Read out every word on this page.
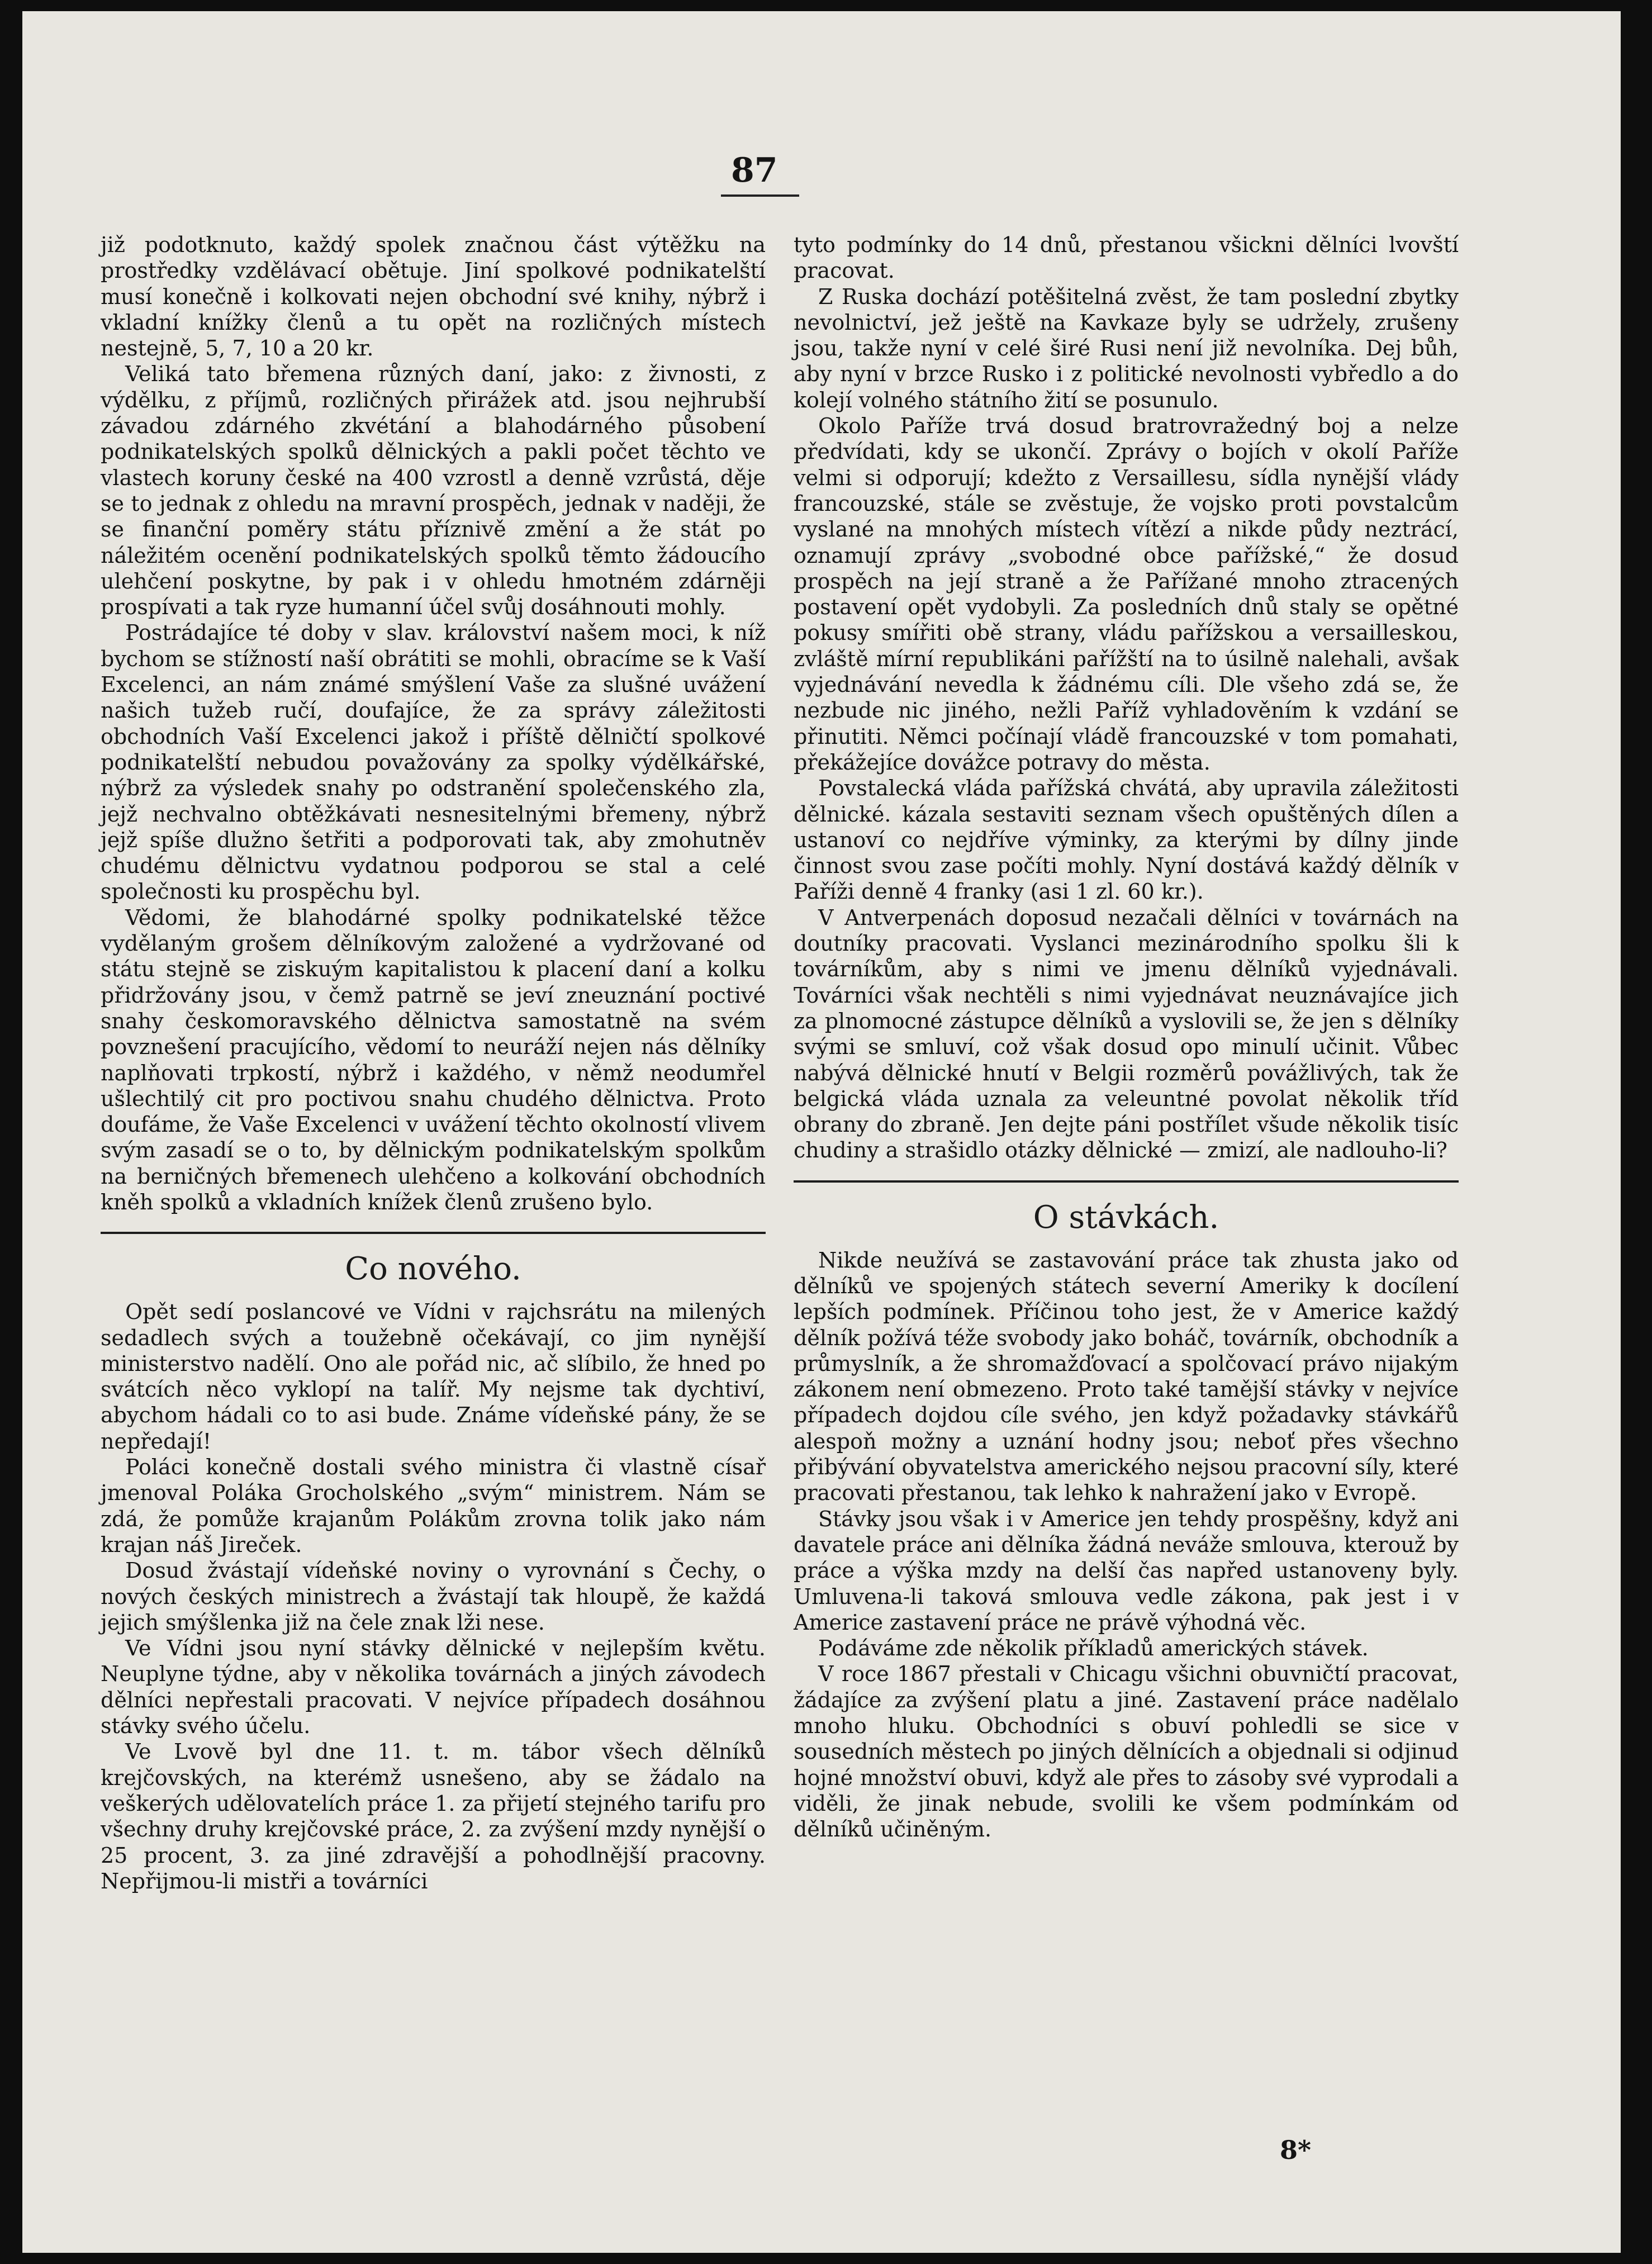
87

již podotknuto, každý spolek značnou část výtěžku na prostředky vzdělávací obětuje. Jiní spolkové podnikatelští musí konečně i kolkovati nejen obchodní své knihy, nýbrž i vkladní knížky členů a tu opět na rozličných místech nestejně, 5, 7, 10 a 20 kr.

Veliká tato břemena různých daní, jako: z živnosti, z výdělku, z příjmů, rozličných přirážek atd. jsou nejhrubší závadou zdárného zkvétání a blahodárného působení podnikatelských spolků dělnických a pakli počet těchto ve vlastech koruny české na 400 vzrostl a denně vzrůstá, děje se to jednak z ohledu na mravní prospěch, jednak v naději, že se finanční poměry státu příznivě změní a že stát po náležitém ocenění podnikatelských spolků těmto žádoucího ulehčení poskytne, by pak i v ohledu hmotném zdárněji prospívati a tak ryze humanní účel svůj dosáhnouti mohly.

Postrádajíce té doby v slav. království našem moci, k níž bychom se stížností naší obrátiti se mohli, obracíme se k Vaší Excelenci, an nám známé smýšlení Vaše za slušné uvážení našich tužeb ručí, doufajíce, že za správy záležitosti obchodních Vaší Excelenci jakož i příště dělničtí spolkové podnikatelští nebudou považovány za spolky výdělkářské, nýbrž za výsledek snahy po odstranění společenského zla, jejž nechvalno obtěžkávati nesnesitelnými břemeny, nýbrž jejž spíše dlužno šetřiti a podporovati tak, aby zmohutněv chudému dělnictvu vydatnou podporou se stal a celé společnosti ku prospěchu byl.

Vědomi, že blahodárné spolky podnikatelské těžce vydělaným grošem dělníkovým založené a vydržované od státu stejně se ziskuým kapitalistou k placení daní a kolku přidržovány jsou, v čemž patrně se jeví zneuznání poctivé snahy českomoravského dělnictva samostatně na svém povznešení pracujícího, vědomí to neuráží nejen nás dělníky naplňovati trpkostí, nýbrž i každého, v němž neodumřel ušlechtilý cit pro poctivou snahu chudého dělnictva. Proto doufáme, že Vaše Excelenci v uvážení těchto okolností vlivem svým zasadí se o to, by dělnickým podnikatelským spolkům na berničných břemenech ulehčeno a kolkování obchodních kněh spolků a vkladních knížek členů zrušeno bylo.

Co nového.

Opět sedí poslancové ve Vídni v rajchsrátu na milených sedadlech svých a toužebně očekávají, co jim nynější ministerstvo nadělí. Ono ale pořád nic, ač slíbilo, že hned po svátcích něco vyklopí na talíř. My nejsme tak dychtiví, abychom hádali co to asi bude. Známe vídeňské pány, že se nepředají!

Poláci konečně dostali svého ministra či vlastně císař jmenoval Poláka Grocholského „svým“ ministrem. Nám se zdá, že pomůže krajanům Polákům zrovna tolik jako nám krajan náš Jireček.

Dosud žvástají vídeňské noviny o vyrovnání s Čechy, o nových českých ministrech a žvástají tak hloupě, že každá jejich smýšlenka již na čele znak lži nese.

Ve Vídni jsou nyní stávky dělnické v nejlepším květu. Neuplyne týdne, aby v několika továrnách a jiných závodech dělníci nepřestali pracovati. V nejvíce případech dosáhnou stávky svého účelu.

Ve Lvově byl dne 11. t. m. tábor všech dělníků krejčovských, na kterémž usnešeno, aby se žádalo na veškerých udělovatelích práce 1. za přijetí stejného tarifu pro všechny druhy krejčovské práce, 2. za zvýšení mzdy nynější o 25 procent, 3. za jiné zdravější a pohodlnější pracovny. Nepřijmou-li mistři a továrníci

tyto podmínky do 14 dnů, přestanou všickni dělníci lvovští pracovat.

Z Ruska dochází potěšitelná zvěst, že tam poslední zbytky nevolnictví, jež ještě na Kavkaze byly se udržely, zrušeny jsou, takže nyní v celé širé Rusi není již nevolníka. Dej bůh, aby nyní v brzce Rusko i z politické nevolnosti vybředlo a do kolejí volného státního žití se posunulo.

Okolo Paříže trvá dosud bratrovražedný boj a nelze předvídati, kdy se ukončí. Zprávy o bojích v okolí Paříže velmi si odporují; kdežto z Versaillesu, sídla nynější vlády francouzské, stále se zvěstuje, že vojsko proti povstalcům vyslané na mnohých místech vítězí a nikde půdy neztrácí, oznamují zprávy „svobodné obce pařížské,“ že dosud prospěch na její straně a že Pařížané mnoho ztracených postavení opět vydobyli. Za posledních dnů staly se opětné pokusy smířiti obě strany, vládu pařížskou a versailleskou, zvláště mírní republikáni pařížští na to úsilně nalehali, avšak vyjednávání nevedla k žádnému cíli. Dle všeho zdá se, že nezbude nic jiného, nežli Paříž vyhladověním k vzdání se přinutiti. Němci počínají vládě francouzské v tom pomahati, překážejíce dovážce potravy do města.

Povstalecká vláda pařížská chvátá, aby upravila záležitosti dělnické. kázala sestaviti seznam všech opuštěných dílen a ustanoví co nejdříve výminky, za kterými by dílny jinde činnost svou zase počíti mohly. Nyní dostává každý dělník v Paříži denně 4 franky (asi 1 zl. 60 kr.).

V Antverpenách doposud nezačali dělníci v továrnách na doutníky pracovati. Vyslanci mezinárodního spolku šli k továrníkům, aby s nimi ve jmenu dělníků vyjednávali. Továrníci však nechtěli s nimi vyjednávat neuznávajíce jich za plnomocné zástupce dělníků a vyslovili se, že jen s dělníky svými se smluví, což však dosud opo minulí učinit. Vůbec nabývá dělnické hnutí v Belgii rozměrů povážlivých, tak že belgická vláda uznala za veleuntné povolat několik tříd obrany do zbraně. Jen dejte páni postřílet všude několik tisíc chudiny a strašidlo otázky dělnické — zmizí, ale nadlouho-li?

O stávkách.

Nikde neužívá se zastavování práce tak zhusta jako od dělníků ve spojených státech severní Ameriky k docílení lepších podmínek. Příčinou toho jest, že v Americe každý dělník požívá téže svobody jako boháč, továrník, obchodník a průmyslník, a že shromažďovací a spolčovací právo nijakým zákonem není obmezeno. Proto také tamější stávky v nejvíce případech dojdou cíle svého, jen když požadavky stávkářů alespoň možny a uznání hodny jsou; neboť přes všechno přibývání obyvatelstva amerického nejsou pracovní síly, které pracovati přestanou, tak lehko k nahražení jako v Evropě.

Stávky jsou však i v Americe jen tehdy prospěšny, když ani davatele práce ani dělníka žádná neváže smlouva, kterouž by práce a výška mzdy na delší čas napřed ustanoveny byly. Umluvena-li taková smlouva vedle zákona, pak jest i v Americe zastavení práce ne právě výhodná věc.

Podáváme zde několik příkladů amerických stávek.

V roce 1867 přestali v Chicagu všichni obuvničtí pracovat, žádajíce za zvýšení platu a jiné. Zastavení práce nadělalo mnoho hluku. Obchodníci s obuví pohledli se sice v sousedních městech po jiných dělnících a objednali si odjinud hojné množství obuvi, když ale přes to zásoby své vyprodali a viděli, že jinak nebude, svolili ke všem podmínkám od dělníků učiněným.

8*
